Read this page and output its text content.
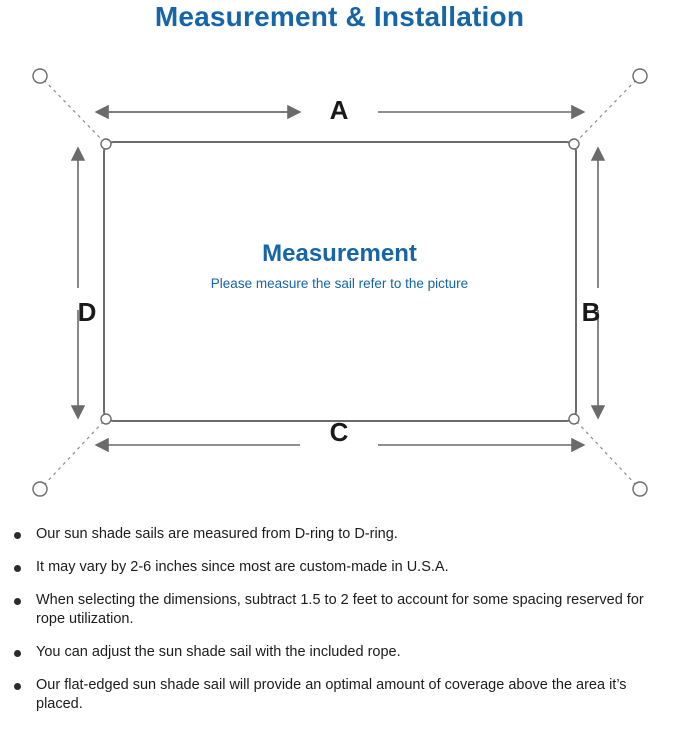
Measurement & Installation
Measurement
Please measure the sail refer to the picture
A
B
C
D
Our sun shade sails are measured from D-ring to D-ring.
It may vary by 2-6 inches since most are custom-made in U.S.A.
When selecting the dimensions, subtract 1.5 to 2 feet to account for some spacing reserved for rope utilization.
You can adjust the sun shade sail with the included rope.
Our flat-edged sun shade sail will provide an optimal amount of coverage above the area it’s placed.
